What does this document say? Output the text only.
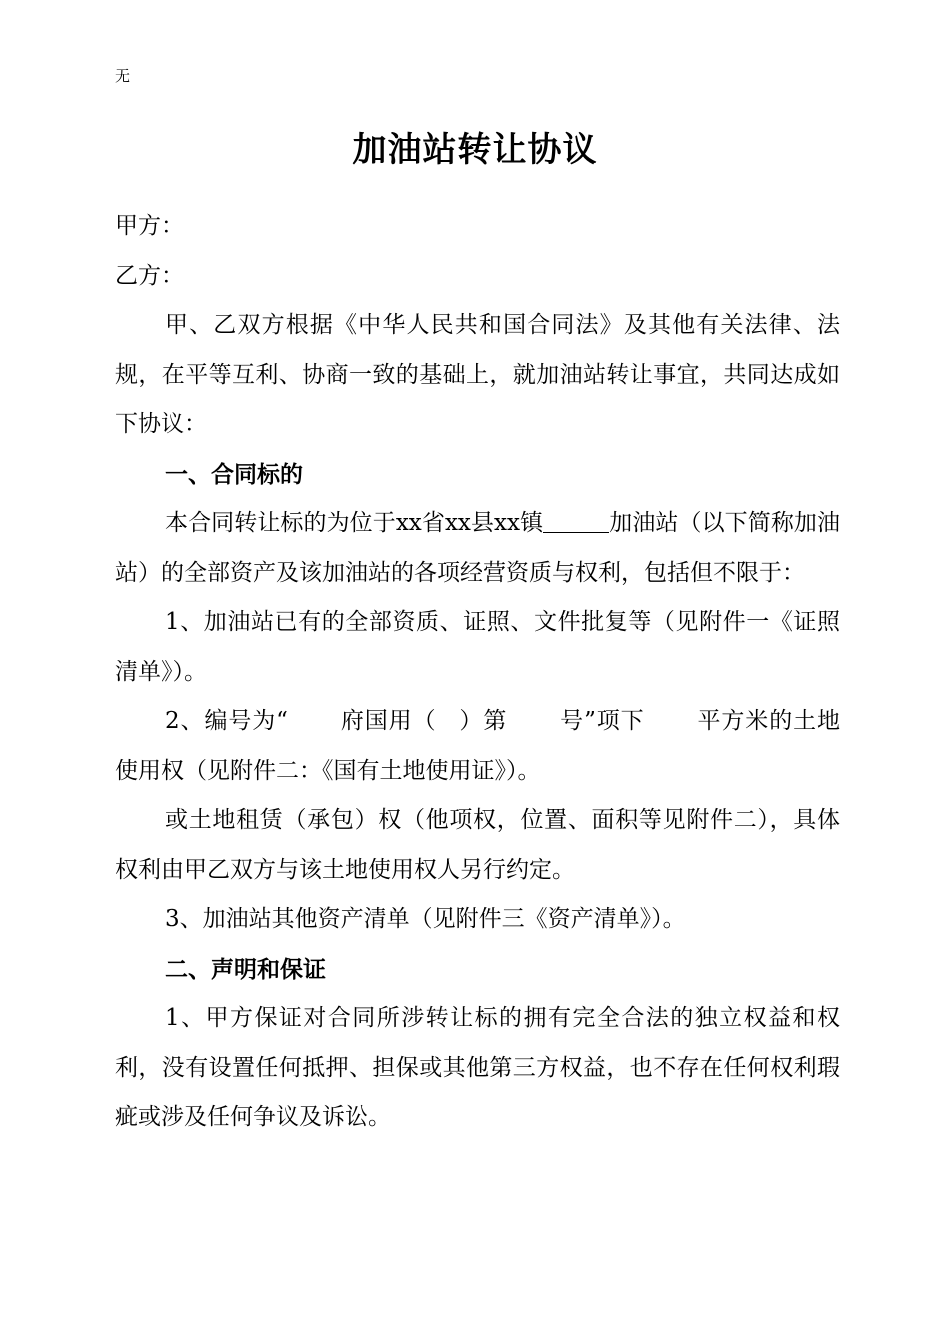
无
加油站转让协议

甲方：

乙方：

甲、乙双方根据《中华人民共和国合同法》及其他有关法律、法规，在平等互利、协商一致的基础上，就加油站转让事宜，共同达成如下协议：

一、合同标的

本合同转让标的为位于xx省xx县xx镇	加油站（以下简称加油站）的全部资产及该加油站的各项经营资质与权利，包括但不限于：

1、加油站已有的全部资质、证照、文件批复等（见附件一《证照清单》）。

2、编号为“ 府国用（ ）第 号”项下 平方米的土地使用权（见附件二：《国有土地使用证》）。

或土地租赁（承包）权（他项权，位置、面积等见附件二），具体权利由甲乙双方与该土地使用权人另行约定。

3、加油站其他资产清单（见附件三《资产清单》）。

二、声明和保证

1、甲方保证对合同所涉转让标的拥有完全合法的独立权益和权利，没有设置任何抵押、担保或其他第三方权益，也不存在任何权利瑕疵或涉及任何争议及诉讼。
